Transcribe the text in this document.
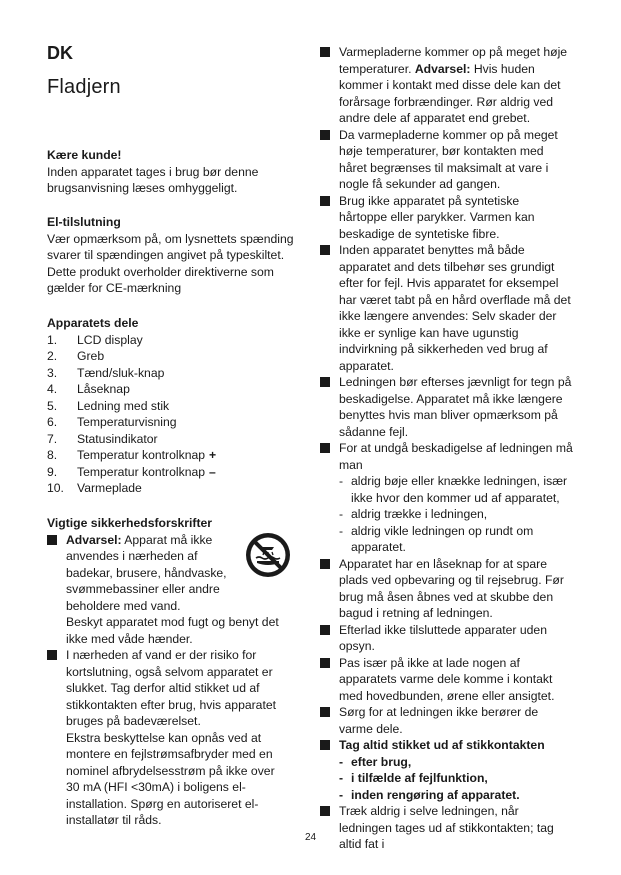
DK
Fladjern

Kære kunde!

Inden apparatet tages i brug bør denne brugsanvisning læses omhyggeligt.

El-tilslutning

Vær opmærksom på, om lysnettets spænding svarer til spændingen angivet på typeskiltet. Dette produkt overholder direktiverne som gælder for CE-mærkning

Apparatets dele

1.	LCD display
2.	Greb
3.	Tænd/sluk-knap
4.	Låseknap
5.	Ledning med stik
6.	Temperaturvisning
7.	Statusindikator
8.	Temperatur kontrolknap +
9.	Temperatur kontrolknap –
10.	Varmeplade

Vigtige sikkerhedsforskrifter

Advarsel: Apparat må ikke anvendes i nærheden af badekar, brusere, håndvaske, svømmebassiner eller andre beholdere med vand.

Beskyt apparatet mod fugt og benyt det ikke med våde hænder.

I nærheden af vand er der risiko for kortslutning, også selvom apparatet er slukket. Tag derfor altid stikket ud af stikkontakten efter brug, hvis apparatet bruges på badeværelset.

Ekstra beskyttelse kan opnås ved at montere en fejlstrømsafbryder med en nominel afbrydelsesstrøm på ikke over 30 mA (HFI <30mA) i boligens el-installation. Spørg en autoriseret el-installatør til råds.

Varmepladerne kommer op på meget høje temperaturer. Advarsel: Hvis huden kommer i kontakt med disse dele kan det forårsage forbrændinger. Rør aldrig ved andre dele af apparatet end grebet.

Da varmepladerne kommer op på meget høje temperaturer, bør kontakten med håret begrænses til maksimalt at vare i nogle få sekunder ad gangen.

Brug ikke apparatet på syntetiske hårtoppe eller parykker. Varmen kan beskadige de syntetiske fibre.

Inden apparatet benyttes må både apparatet and dets tilbehør ses grundigt efter for fejl. Hvis apparatet for eksempel har været tabt på en hård overflade må det ikke længere anvendes: Selv skader der ikke er synlige kan have ugunstig indvirkning på sikkerheden ved brug af apparatet.

Ledningen bør efterses jævnligt for tegn på beskadigelse. Apparatet må ikke længere benyttes hvis man bliver opmærksom på sådanne fejl.

For at undgå beskadigelse af ledningen må man

- aldrig bøje eller knække ledningen, især ikke hvor den kommer ud af apparatet,
- aldrig trække i ledningen,
- aldrig vikle ledningen op rundt om apparatet.

Apparatet har en låseknap for at spare plads ved opbevaring og til rejsebrug. Før brug må åsen åbnes ved at skubbe den bagud i retning af ledningen.

Efterlad ikke tilsluttede apparater uden opsyn.

Pas især på ikke at lade nogen af apparatets varme dele komme i kontakt med hovedbunden, ørene eller ansigtet.

Sørg for at ledningen ikke berører de varme dele.

Tag altid stikket ud af stikkontakten

- efter brug,
- i tilfælde af fejlfunktion,
- inden rengøring af apparatet.

Træk aldrig i selve ledningen, når ledningen tages ud af stikkontakten; tag altid fat i

24
